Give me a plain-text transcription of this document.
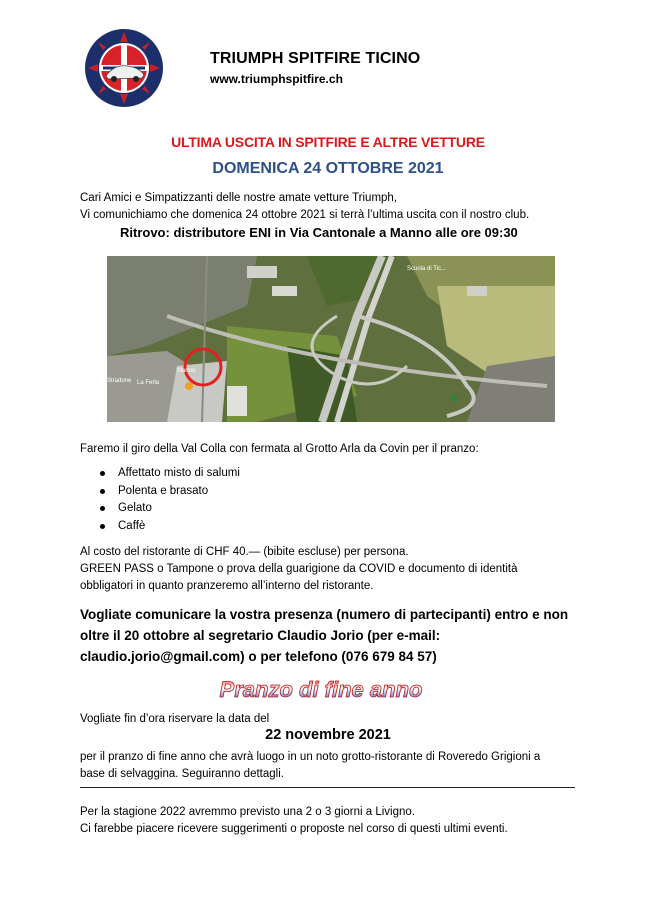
TRIUMPH SPITFIRE TICINO
www.triumphspitfire.ch
ULTIMA USCITA IN SPITFIRE E ALTRE VETTURE
DOMENICA 24 OTTOBRE 2021
Cari Amici e Simpatizzanti delle nostre amate vetture Triumph,
Vi comunichiamo che domenica 24 ottobre 2021 si terrà l’ultima uscita con il nostro club.
Ritrovo: distributore ENI in Via Cantonale a Manno alle ore 09:30
Scuola di Tic...
La Ferla
Manno
Stradone
Faremo il giro della Val Colla con fermata al Grotto Arla da Covin per il pranzo:
Affettato misto di salumi
Polenta e brasato
Gelato
Caffè
Al costo del ristorante di CHF 40.— (bibite escluse) per persona.
GREEN PASS o Tampone o prova della guarigione da COVID e documento di identità
obbligatori in quanto pranzeremo all’interno del ristorante.
Vogliate comunicare la vostra presenza (numero di partecipanti) entro e non
oltre il 20 ottobre al segretario Claudio Jorio (per e-mail:
claudio.jorio@gmail.com) o per telefono (076 679 84 57)
Pranzo di fine anno
Vogliate fin d’ora riservare la data del
22 novembre 2021
per il pranzo di fine anno che avrà luogo in un noto grotto-ristorante di Roveredo Grigioni a
base di selvaggina. Seguiranno dettagli.
Per la stagione 2022 avremmo previsto una 2 o 3 giorni a Livigno.
Ci farebbe piacere ricevere suggerimenti o proposte nel corso di questi ultimi eventi.
